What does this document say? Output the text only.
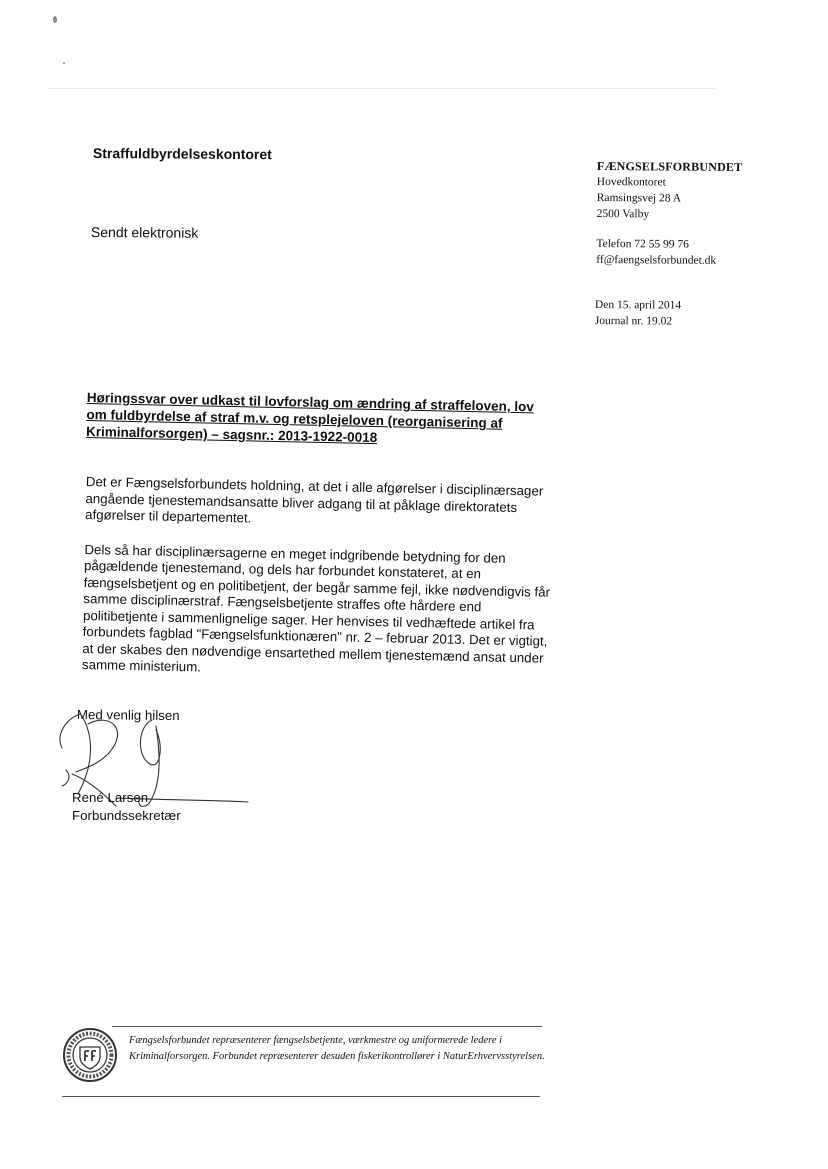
Straffuldbyrdelseskontoret
Sendt elektronisk
FÆNGSELSFORBUNDET
Hovedkontoret
Ramsingsvej 28 A
2500 Valby
Telefon 72 55 99 76
ff@faengselsforbundet.dk
Den 15. april 2014
Journal nr. 19.02
Høringssvar over udkast til lovforslag om ændring af straffeloven, lov om fuldbyrdelse af straf m.v. og retsplejeloven (reorganisering af Kriminalforsorgen) – sagsnr.: 2013-1922-0018

Det er Fængselsforbundets holdning, at det i alle afgørelser i disciplinærsager angående tjenestemandsansatte bliver adgang til at påklage direktoratets afgørelser til departementet.

Dels så har disciplinærsagerne en meget indgribende betydning for den pågældende tjenestemand, og dels har forbundet konstateret, at en fængselsbetjent og en politibetjent, der begår samme fejl, ikke nødvendigvis får samme disciplinærstraf. Fængselsbetjente straffes ofte hårdere end politibetjente i sammenlignelige sager. Her henvises til vedhæftede artikel fra forbundets fagblad "Fængselsfunktionæren" nr. 2 – februar 2013. Det er vigtigt, at der skabes den nødvendige ensartethed mellem tjenestemænd ansat under samme ministerium.

Med venlig hilsen
René Larsen
Forbundssekretær
Fængselsforbundet repræsenterer fængselsbetjente, værkmestre og uniformerede ledere i Kriminalforsorgen. Forbundet repræsenterer desuden fiskerikontrollører i NaturErhvervsstyrelsen.
